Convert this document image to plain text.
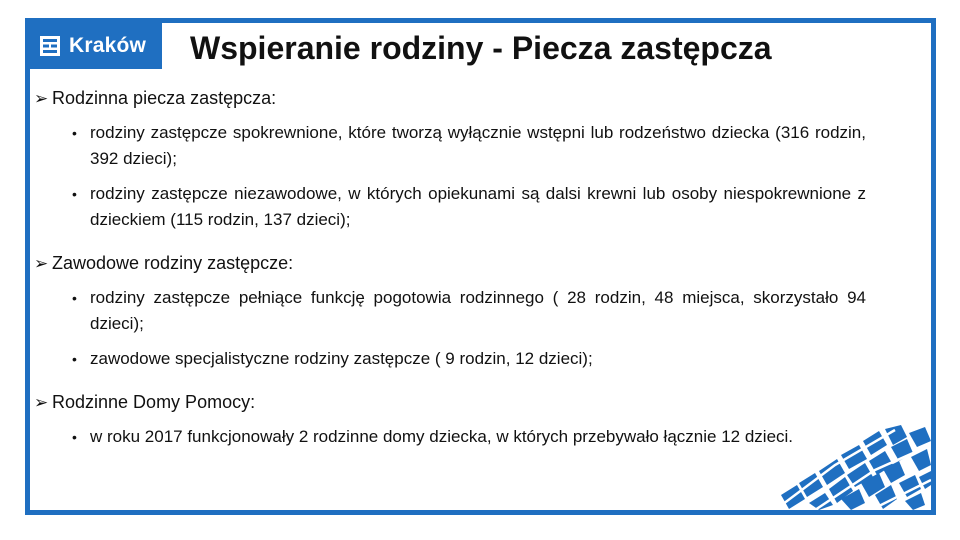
Kraków Wspieranie rodziny - Piecza zastępcza
➢ Rodzinna piecza zastępcza:
• rodziny zastępcze spokrewnione, które tworzą wyłącznie wstępni lub rodzeństwo dziecka (316 rodzin, 392 dzieci);
• rodziny zastępcze niezawodowe, w których opiekunami są dalsi krewni lub osoby niespokrewnione z dzieckiem (115 rodzin, 137 dzieci);
➢ Zawodowe rodziny zastępcze:
• rodziny zastępcze pełniące funkcję pogotowia rodzinnego ( 28 rodzin, 48 miejsca, skorzystało 94 dzieci);
• zawodowe specjalistyczne rodziny zastępcze ( 9 rodzin, 12 dzieci);
➢ Rodzinne Domy Pomocy:
• w roku 2017 funkcjonowały 2 rodzinne domy dziecka, w których przebywało łącznie 12 dzieci.
